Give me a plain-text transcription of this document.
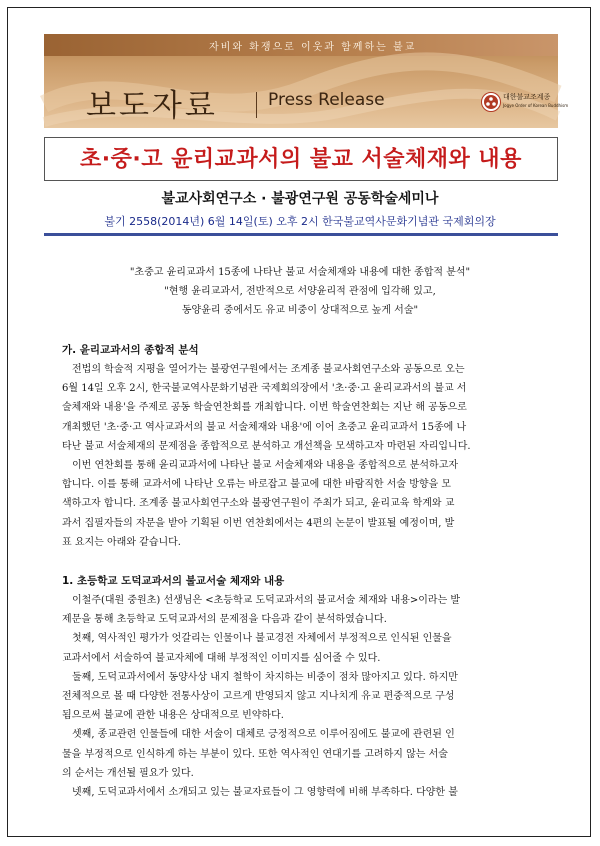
자비와 화쟁으로 이웃과 함께하는 불교
보도자료	Press Release	대한불교조계종
Jogye Order of Korean Buddhism
초·중·고 윤리교과서의 불교 서술체재와 내용
불교사회연구소 · 불광연구원 공동학술세미나
불기 2558(2014년) 6월 14일(토) 오후 2시 한국불교역사문화기념관 국제회의장
"초중고 윤리교과서 15종에 나타난 불교 서술체재와 내용에 대한 종합적 분석"
"현행 윤리교과서, 전반적으로 서양윤리적 관점에 입각해 있고,
동양윤리 중에서도 유교 비중이 상대적으로 높게 서술"
가. 윤리교과서의 종합적 분석
전법의 학술적 지평을 열어가는 불광연구원에서는 조계종 불교사회연구소와 공동으로 오는
6월 14일 오후 2시, 한국불교역사문화기념관 국제회의장에서 '초·중·고 윤리교과서의 불교 서
술체재와 내용'을 주제로 공동 학술연찬회를 개최합니다. 이번 학술연찬회는 지난 해 공동으로
개최했던 '초·중·고 역사교과서의 불교 서술체재와 내용'에 이어 초중고 윤리교과서 15종에 나
타난 불교 서술체재의 문제점을 종합적으로 분석하고 개선책을 모색하고자 마련된 자리입니다.
이번 연찬회를 통해 윤리교과서에 나타난 불교 서술체재와 내용을 종합적으로 분석하고자
합니다. 이를 통해 교과서에 나타난 오류는 바로잡고 불교에 대한 바람직한 서술 방향을 모
색하고자 합니다. 조계종 불교사회연구소와 불광연구원이 주최가 되고, 윤리교육 학계와 교
과서 집필자들의 자문을 받아 기획된 이번 연찬회에서는 4편의 논문이 발표될 예정이며, 발
표 요지는 아래와 같습니다.
1. 초등학교 도덕교과서의 불교서술 체재와 내용
이철주(대원 중원초) 선생님은 <초등학교 도덕교과서의 불교서술 체재와 내용>이라는 발
제문을 통해 초등학교 도덕교과서의 문제점을 다음과 같이 분석하였습니다.
첫째, 역사적인 평가가 엇갈리는 인물이나 불교경전 자체에서 부정적으로 인식된 인물을
교과서에서 서술하여 불교자체에 대해 부정적인 이미지를 심어줄 수 있다.
둘째, 도덕교과서에서 동양사상 내지 철학이 차지하는 비중이 점차 많아지고 있다. 하지만
전체적으로 볼 때 다양한 전통사상이 고르게 반영되지 않고 지나치게 유교 편중적으로 구성
됨으로써 불교에 관한 내용은 상대적으로 빈약하다.
셋째, 종교관련 인물들에 대한 서술이 대체로 긍정적으로 이루어짐에도 불교에 관련된 인
물을 부정적으로 인식하게 하는 부분이 있다. 또한 역사적인 연대기를 고려하지 않는 서술
의 순서는 개선될 필요가 있다.
넷째, 도덕교과서에서 소개되고 있는 불교자료들이 그 영향력에 비해 부족하다. 다양한 불
